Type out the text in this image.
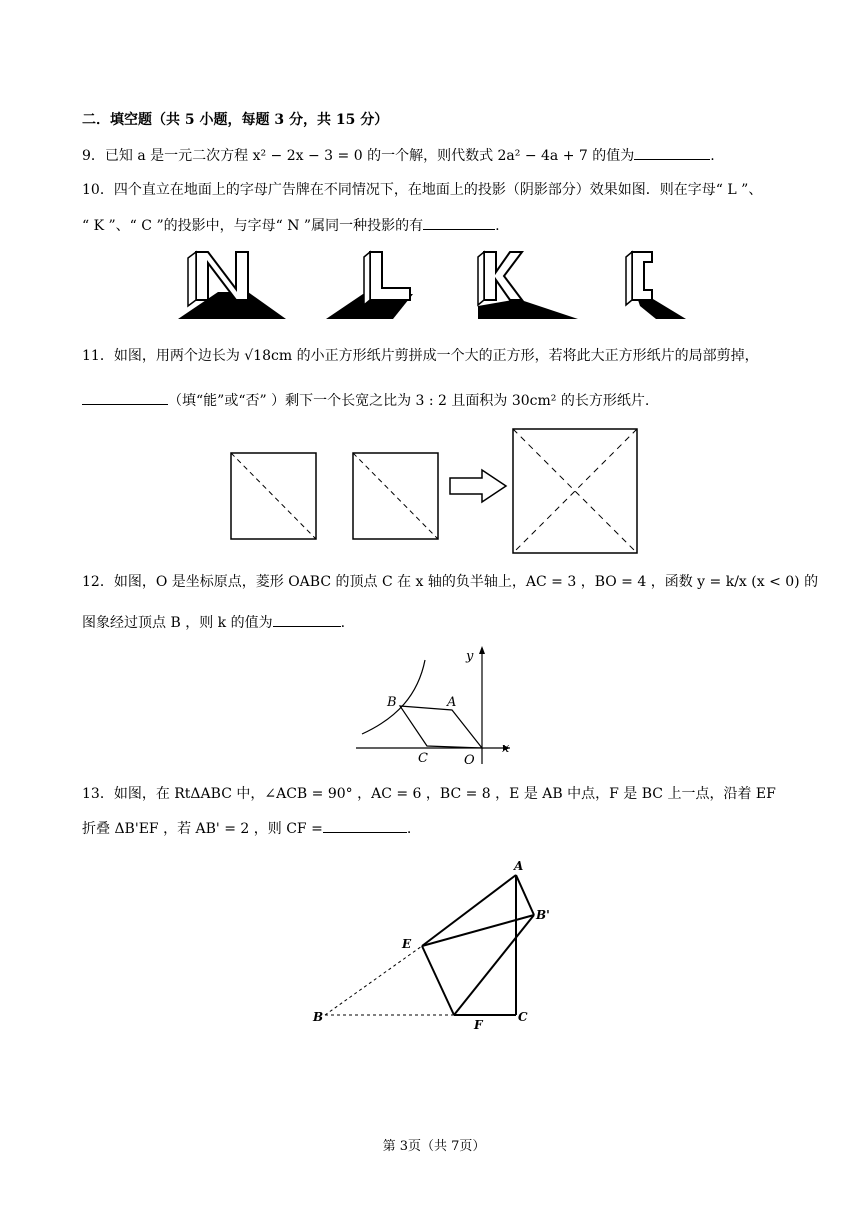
二．填空题（共 5 小题，每题 3 分，共 15 分）
9．已知 a 是一元二次方程 x² − 2x − 3 = 0 的一个解，则代数式 2a² − 4a + 7 的值为	.
10．四个直立在地面上的字母广告牌在不同情况下，在地面上的投影（阴影部分）效果如图．则在字母“ L ”、
“ K ”、“ C ”的投影中，与字母“ N ”属同一种投影的有	.
11．如图，用两个边长为 √18cm 的小正方形纸片剪拼成一个大的正方形，若将此大正方形纸片的局部剪掉，
（填“能”或“否” ）剩下一个长宽之比为 3 : 2 且面积为 30cm² 的长方形纸片.
12．如图，O 是坐标原点，菱形 OABC 的顶点 C 在 x 轴的负半轴上，AC = 3 ，BO = 4 ，函数 y = k/x (x < 0) 的
图象经过顶点 B ，则 k 的值为	.
y
x
B	A
C	O
13．如图，在 RtΔABC 中，∠ACB = 90° ，AC = 6 ，BC = 8 ，E 是 AB 中点，F 是 BC 上一点，沿着 EF
折叠 ΔB'EF ，若 AB' = 2 ，则 CF =	.
A
B'
E
B
F
C
第 3页（共 7页）
